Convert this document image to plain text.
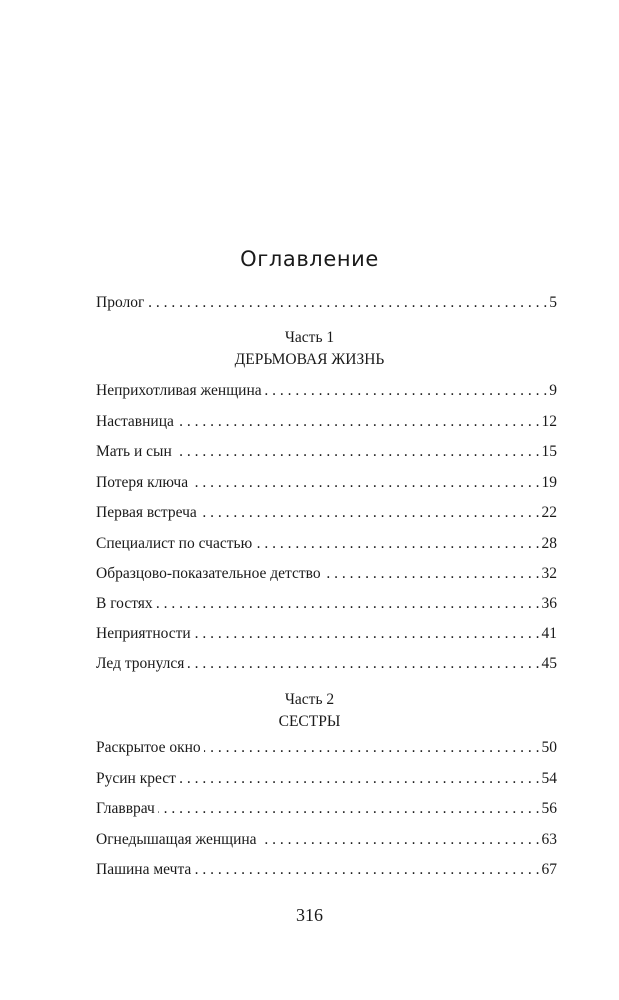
Оглавление
Пролог . . .	5
Часть 1
ДЕРЬМОВАЯ ЖИЗНЬ
Неприхотливая женщина . . .	9
Наставница . . .	12
Мать и сын . . .	15
Потеря ключа . . .	19
Первая встреча . . .	22
Специалист по счастью . . .	28
Образцово-показательное детство . . .	32
В гостях . . .	36
Неприятности . . .	41
Лед тронулся . . .	45
Часть 2
СЕСТРЫ
Раскрытое окно . . .	50
Русин крест . . .	54
Главврач . . .	56
Огнедышащая женщина . . .	63
Пашина мечта . . .	67
316
